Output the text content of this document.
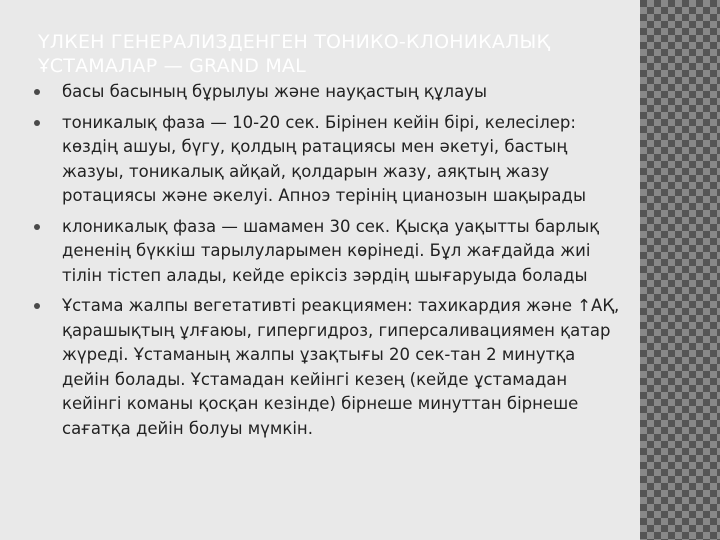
ҮЛКЕН ГЕНЕРАЛИЗДЕНГЕН ТОНИКО-КЛОНИКАЛЫҚ ҰСТАМАЛАР — GRAND MAL
басы басының бұрылуы және науқастың құлауы
тоникалық фаза — 10-20 сек. Бірінен кейін бірі, келесілер: көздің ашуы, бүгу, қолдың ратациясы мен әкетуі, бастың жазуы, тоникалық айқай, қолдарын жазу, аяқтың жазу ротациясы және әкелуі. Апноэ терінің цианозын шақырады
клоникалық фаза — шамамен 30 сек. Қысқа уақытты барлық дененің бүккіш тарылуларымен көрінеді. Бұл жағдайда жиі тілін тістеп алады, кейде еріксіз зәрдің шығаруыда болады
Ұстама жалпы вегетативті реакциямен: тахикардия және ↑АҚ, қарашықтың ұлғаюы, гипергидроз, гиперсаливациямен қатар жүреді. Ұстаманың жалпы ұзақтығы 20 сек-тан 2 минутқа дейін болады. Ұстамадан кейінгі кезең (кейде ұстамадан кейінгі команы қосқан кезінде) бірнеше минуттан бірнеше сағатқа дейін болуы мүмкін.
